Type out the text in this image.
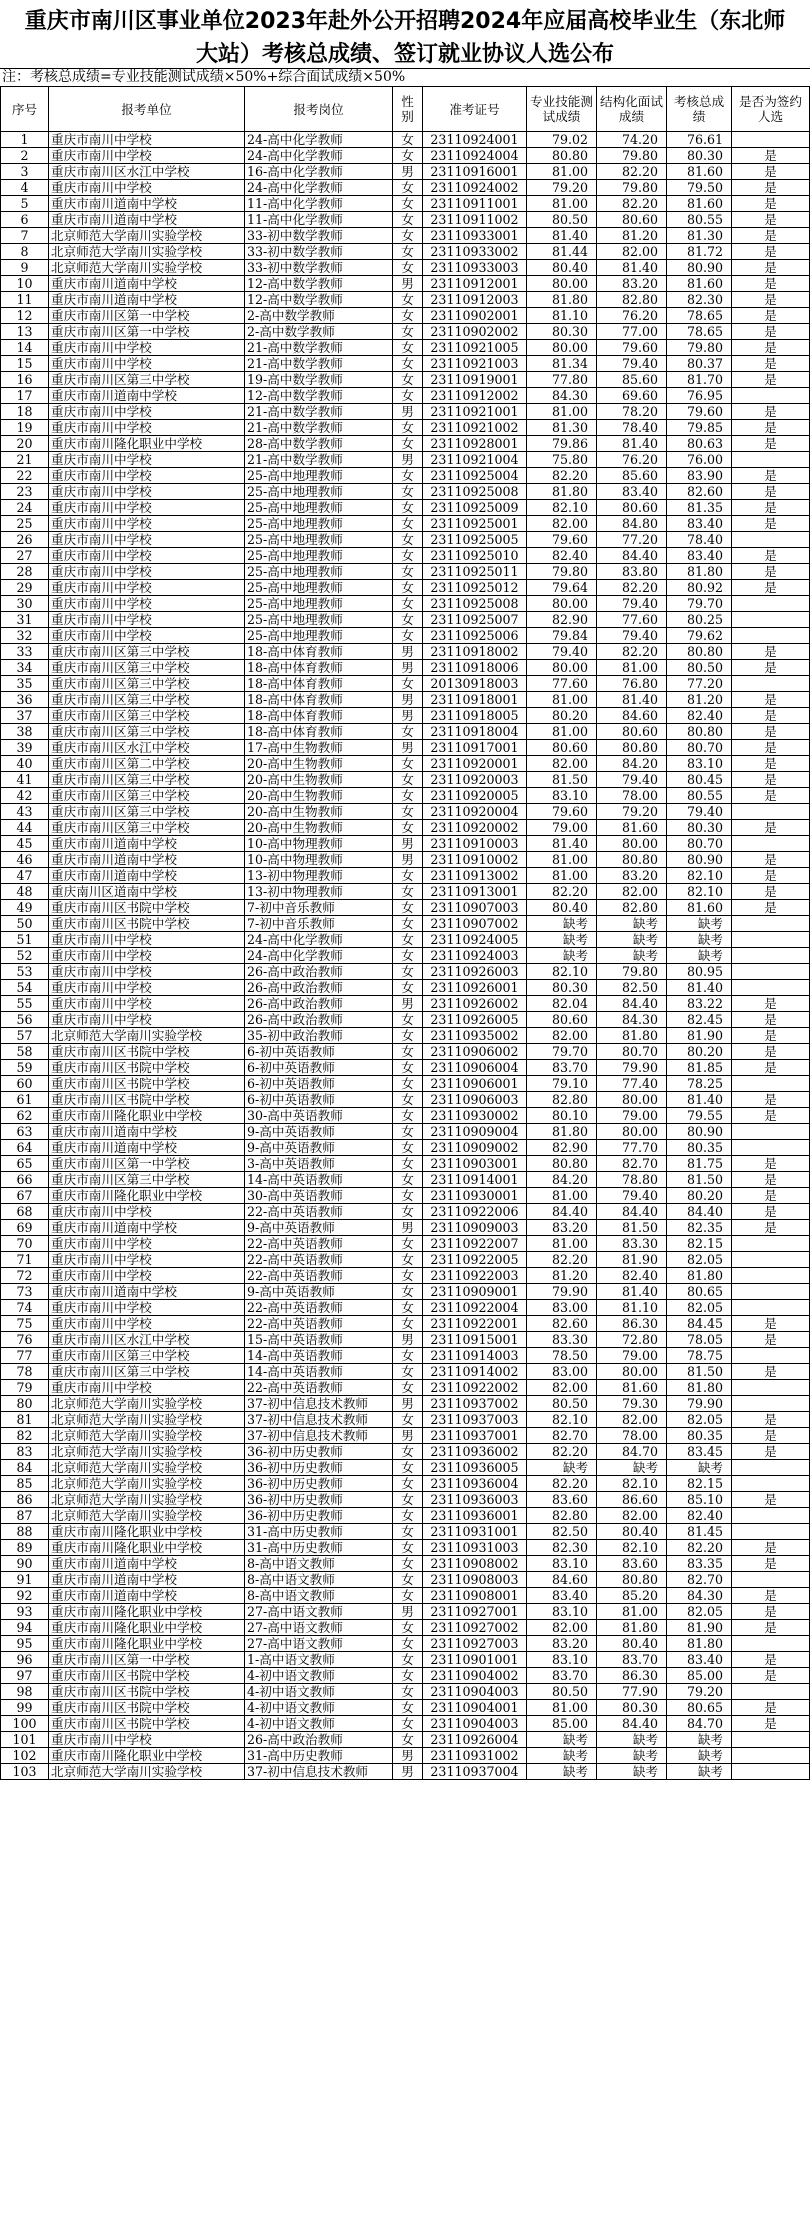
重庆市南川区事业单位2023年赴外公开招聘2024年应届高校毕业生（东北师大站）考核总成绩、签订就业协议人选公布
注：考核总成绩=专业技能测试成绩×50%+综合面试成绩×50%
序号	报考单位	报考岗位	性别	准考证号	专业技能测试成绩	结构化面试成绩	考核总成绩	是否为签约人选
1	重庆市南川中学校	24-高中化学教师	女	23110924001	79.02	74.20	76.61	
2	重庆市南川中学校	24-高中化学教师	女	23110924004	80.80	79.80	80.30	是
3	重庆市南川区水江中学校	16-高中化学教师	男	23110916001	81.00	82.20	81.60	是
4	重庆市南川中学校	24-高中化学教师	女	23110924002	79.20	79.80	79.50	是
5	重庆市南川道南中学校	11-高中化学教师	女	23110911001	81.00	82.20	81.60	是
6	重庆市南川道南中学校	11-高中化学教师	女	23110911002	80.50	80.60	80.55	是
7	北京师范大学南川实验学校	33-初中数学教师	女	23110933001	81.40	81.20	81.30	是
8	北京师范大学南川实验学校	33-初中数学教师	女	23110933002	81.44	82.00	81.72	是
9	北京师范大学南川实验学校	33-初中数学教师	女	23110933003	80.40	81.40	80.90	是
10	重庆市南川道南中学校	12-高中数学教师	男	23110912001	80.00	83.20	81.60	是
11	重庆市南川道南中学校	12-高中数学教师	女	23110912003	81.80	82.80	82.30	是
12	重庆市南川区第一中学校	2-高中数学教师	女	23110902001	81.10	76.20	78.65	是
13	重庆市南川区第一中学校	2-高中数学教师	女	23110902002	80.30	77.00	78.65	是
14	重庆市南川中学校	21-高中数学教师	女	23110921005	80.00	79.60	79.80	是
15	重庆市南川中学校	21-高中数学教师	女	23110921003	81.34	79.40	80.37	是
16	重庆市南川区第三中学校	19-高中数学教师	女	23110919001	77.80	85.60	81.70	是
17	重庆市南川道南中学校	12-高中数学教师	女	23110912002	84.30	69.60	76.95	
18	重庆市南川中学校	21-高中数学教师	男	23110921001	81.00	78.20	79.60	是
19	重庆市南川中学校	21-高中数学教师	女	23110921002	81.30	78.40	79.85	是
20	重庆市南川隆化职业中学校	28-高中数学教师	女	23110928001	79.86	81.40	80.63	是
21	重庆市南川中学校	21-高中数学教师	男	23110921004	75.80	76.20	76.00	
22	重庆市南川中学校	25-高中地理教师	女	23110925004	82.20	85.60	83.90	是
23	重庆市南川中学校	25-高中地理教师	女	23110925008	81.80	83.40	82.60	是
24	重庆市南川中学校	25-高中地理教师	女	23110925009	82.10	80.60	81.35	是
25	重庆市南川中学校	25-高中地理教师	女	23110925001	82.00	84.80	83.40	是
26	重庆市南川中学校	25-高中地理教师	女	23110925005	79.60	77.20	78.40	
27	重庆市南川中学校	25-高中地理教师	女	23110925010	82.40	84.40	83.40	是
28	重庆市南川中学校	25-高中地理教师	女	23110925011	79.80	83.80	81.80	是
29	重庆市南川中学校	25-高中地理教师	女	23110925012	79.64	82.20	80.92	是
30	重庆市南川中学校	25-高中地理教师	女	23110925008	80.00	79.40	79.70	
31	重庆市南川中学校	25-高中地理教师	女	23110925007	82.90	77.60	80.25	
32	重庆市南川中学校	25-高中地理教师	女	23110925006	79.84	79.40	79.62	
33	重庆市南川区第三中学校	18-高中体育教师	男	23110918002	79.40	82.20	80.80	是
34	重庆市南川区第三中学校	18-高中体育教师	男	23110918006	80.00	81.00	80.50	是
35	重庆市南川区第三中学校	18-高中体育教师	女	20130918003	77.60	76.80	77.20	
36	重庆市南川区第三中学校	18-高中体育教师	男	23110918001	81.00	81.40	81.20	是
37	重庆市南川区第三中学校	18-高中体育教师	男	23110918005	80.20	84.60	82.40	是
38	重庆市南川区第三中学校	18-高中体育教师	女	23110918004	81.00	80.60	80.80	是
39	重庆市南川区水江中学校	17-高中生物教师	男	23110917001	80.60	80.80	80.70	是
40	重庆市南川区第二中学校	20-高中生物教师	女	23110920001	82.00	84.20	83.10	是
41	重庆市南川区第三中学校	20-高中生物教师	女	23110920003	81.50	79.40	80.45	是
42	重庆市南川区第三中学校	20-高中生物教师	女	23110920005	83.10	78.00	80.55	是
43	重庆市南川区第三中学校	20-高中生物教师	女	23110920004	79.60	79.20	79.40	
44	重庆市南川区第三中学校	20-高中生物教师	女	23110920002	79.00	81.60	80.30	是
45	重庆市南川道南中学校	10-高中物理教师	男	23110910003	81.40	80.00	80.70	
46	重庆市南川道南中学校	10-高中物理教师	男	23110910002	81.00	80.80	80.90	是
47	重庆市南川道南中学校	13-初中物理教师	女	23110913002	81.00	83.20	82.10	是
48	重庆南川区道南中学校	13-初中物理教师	女	23110913001	82.20	82.00	82.10	是
49	重庆市南川区书院中学校	7-初中音乐教师	女	23110907003	80.40	82.80	81.60	是
50	重庆市南川区书院中学校	7-初中音乐教师	女	23110907002	缺考	缺考	缺考	
51	重庆市南川中学校	24-高中化学教师	女	23110924005	缺考	缺考	缺考	
52	重庆市南川中学校	24-高中化学教师	女	23110924003	缺考	缺考	缺考	
53	重庆市南川中学校	26-高中政治教师	女	23110926003	82.10	79.80	80.95	
54	重庆市南川中学校	26-高中政治教师	女	23110926001	80.30	82.50	81.40	
55	重庆市南川中学校	26-高中政治教师	男	23110926002	82.04	84.40	83.22	是
56	重庆市南川中学校	26-高中政治教师	女	23110926005	80.60	84.30	82.45	是
57	北京师范大学南川实验学校	35-初中政治教师	女	23110935002	82.00	81.80	81.90	是
58	重庆市南川区书院中学校	6-初中英语教师	女	23110906002	79.70	80.70	80.20	是
59	重庆市南川区书院中学校	6-初中英语教师	女	23110906004	83.70	79.90	81.85	是
60	重庆市南川区书院中学校	6-初中英语教师	女	23110906001	79.10	77.40	78.25	
61	重庆市南川区书院中学校	6-初中英语教师	女	23110906003	82.80	80.00	81.40	是
62	重庆市南川隆化职业中学校	30-高中英语教师	女	23110930002	80.10	79.00	79.55	是
63	重庆市南川道南中学校	9-高中英语教师	女	23110909004	81.80	80.00	80.90	
64	重庆市南川道南中学校	9-高中英语教师	女	23110909002	82.90	77.70	80.35	
65	重庆市南川区第一中学校	3-高中英语教师	女	23110903001	80.80	82.70	81.75	是
66	重庆市南川区第三中学校	14-高中英语教师	女	23110914001	84.20	78.80	81.50	是
67	重庆市南川隆化职业中学校	30-高中英语教师	女	23110930001	81.00	79.40	80.20	是
68	重庆市南川中学校	22-高中英语教师	女	23110922006	84.40	84.40	84.40	是
69	重庆市南川道南中学校	9-高中英语教师	男	23110909003	83.20	81.50	82.35	是
70	重庆市南川中学校	22-高中英语教师	女	23110922007	81.00	83.30	82.15	
71	重庆市南川中学校	22-高中英语教师	女	23110922005	82.20	81.90	82.05	
72	重庆市南川中学校	22-高中英语教师	女	23110922003	81.20	82.40	81.80	
73	重庆市南川道南中学校	9-高中英语教师	女	23110909001	79.90	81.40	80.65	
74	重庆市南川中学校	22-高中英语教师	女	23110922004	83.00	81.10	82.05	
75	重庆市南川中学校	22-高中英语教师	女	23110922001	82.60	86.30	84.45	是
76	重庆市南川区水江中学校	15-高中英语教师	男	23110915001	83.30	72.80	78.05	是
77	重庆市南川区第三中学校	14-高中英语教师	女	23110914003	78.50	79.00	78.75	
78	重庆市南川区第三中学校	14-高中英语教师	女	23110914002	83.00	80.00	81.50	是
79	重庆市南川中学校	22-高中英语教师	女	23110922002	82.00	81.60	81.80	
80	北京师范大学南川实验学校	37-初中信息技术教师	男	23110937002	80.50	79.30	79.90	
81	北京师范大学南川实验学校	37-初中信息技术教师	女	23110937003	82.10	82.00	82.05	是
82	北京师范大学南川实验学校	37-初中信息技术教师	男	23110937001	82.70	78.00	80.35	是
83	北京师范大学南川实验学校	36-初中历史教师	女	23110936002	82.20	84.70	83.45	是
84	北京师范大学南川实验学校	36-初中历史教师	女	23110936005	缺考	缺考	缺考	
85	北京师范大学南川实验学校	36-初中历史教师	女	23110936004	82.20	82.10	82.15	
86	北京师范大学南川实验学校	36-初中历史教师	女	23110936003	83.60	86.60	85.10	是
87	北京师范大学南川实验学校	36-初中历史教师	女	23110936001	82.80	82.00	82.40	
88	重庆市南川隆化职业中学校	31-高中历史教师	女	23110931001	82.50	80.40	81.45	
89	重庆市南川隆化职业中学校	31-高中历史教师	女	23110931003	82.30	82.10	82.20	是
90	重庆市南川道南中学校	8-高中语文教师	女	23110908002	83.10	83.60	83.35	是
91	重庆市南川道南中学校	8-高中语文教师	女	23110908003	84.60	80.80	82.70	
92	重庆市南川道南中学校	8-高中语文教师	女	23110908001	83.40	85.20	84.30	是
93	重庆市南川隆化职业中学校	27-高中语文教师	男	23110927001	83.10	81.00	82.05	是
94	重庆市南川隆化职业中学校	27-高中语文教师	女	23110927002	82.00	81.80	81.90	是
95	重庆市南川隆化职业中学校	27-高中语文教师	女	23110927003	83.20	80.40	81.80	
96	重庆市南川区第一中学校	1-高中语文教师	女	23110901001	83.10	83.70	83.40	是
97	重庆市南川区书院中学校	4-初中语文教师	女	23110904002	83.70	86.30	85.00	是
98	重庆市南川区书院中学校	4-初中语文教师	女	23110904003	80.50	77.90	79.20	
99	重庆市南川区书院中学校	4-初中语文教师	女	23110904001	81.00	80.30	80.65	是
100	重庆市南川区书院中学校	4-初中语文教师	女	23110904003	85.00	84.40	84.70	是
101	重庆市南川中学校	26-高中政治教师	女	23110926004	缺考	缺考	缺考	
102	重庆市南川隆化职业中学校	31-高中历史教师	男	23110931002	缺考	缺考	缺考	
103	北京师范大学南川实验学校	37-初中信息技术教师	男	23110937004	缺考	缺考	缺考	
